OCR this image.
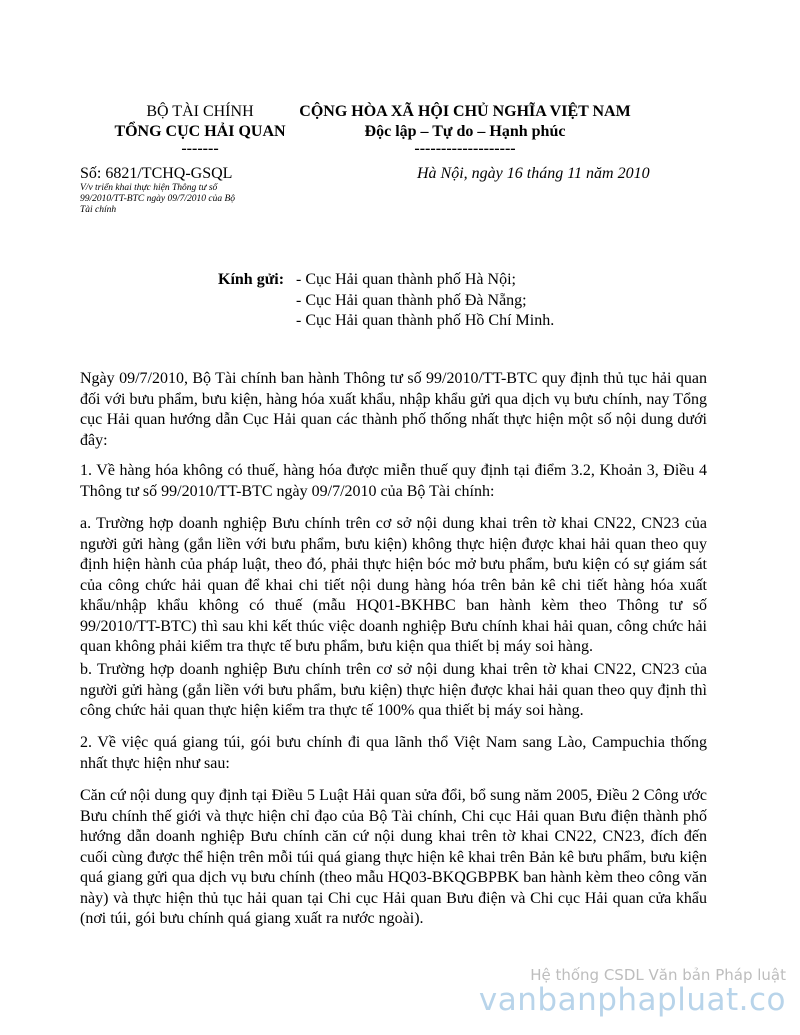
BỘ TÀI CHÍNH
TỔNG CỤC HẢI QUAN
-------
CỘNG HÒA XÃ HỘI CHỦ NGHĨA VIỆT NAM
Độc lập – Tự do – Hạnh phúc
-------------------
Số: 6821/TCHQ-GSQL
V/v triển khai thực hiện Thông tư số
99/2010/TT-BTC ngày 09/7/2010 của Bộ
Tài chính
Hà Nội, ngày 16 tháng 11 năm 2010
Kính gửi: - Cục Hải quan thành phố Hà Nội;
- Cục Hải quan thành phố Đà Nẵng;
- Cục Hải quan thành phố Hồ Chí Minh.
Ngày 09/7/2010, Bộ Tài chính ban hành Thông tư số 99/2010/TT-BTC quy định thủ tục hải quan đối với bưu phẩm, bưu kiện, hàng hóa xuất khẩu, nhập khẩu gửi qua dịch vụ bưu chính, nay Tổng cục Hải quan hướng dẫn Cục Hải quan các thành phố thống nhất thực hiện một số nội dung dưới đây:
1. Về hàng hóa không có thuế, hàng hóa được miễn thuế quy định tại điểm 3.2, Khoản 3, Điều 4 Thông tư số 99/2010/TT-BTC ngày 09/7/2010 của Bộ Tài chính:
a. Trường hợp doanh nghiệp Bưu chính trên cơ sở nội dung khai trên tờ khai CN22, CN23 của người gửi hàng (gắn liền với bưu phẩm, bưu kiện) không thực hiện được khai hải quan theo quy định hiện hành của pháp luật, theo đó, phải thực hiện bóc mở bưu phẩm, bưu kiện có sự giám sát của công chức hải quan để khai chi tiết nội dung hàng hóa trên bản kê chi tiết hàng hóa xuất khẩu/nhập khẩu không có thuế (mẫu HQ01-BKHBC ban hành kèm theo Thông tư số 99/2010/TT-BTC) thì sau khi kết thúc việc doanh nghiệp Bưu chính khai hải quan, công chức hải quan không phải kiểm tra thực tế bưu phẩm, bưu kiện qua thiết bị máy soi hàng.
b. Trường hợp doanh nghiệp Bưu chính trên cơ sở nội dung khai trên tờ khai CN22, CN23 của người gửi hàng (gắn liền với bưu phẩm, bưu kiện) thực hiện được khai hải quan theo quy định thì công chức hải quan thực hiện kiểm tra thực tế 100% qua thiết bị máy soi hàng.
2. Về việc quá giang túi, gói bưu chính đi qua lãnh thổ Việt Nam sang Lào, Campuchia thống nhất thực hiện như sau:
Căn cứ nội dung quy định tại Điều 5 Luật Hải quan sửa đổi, bổ sung năm 2005, Điều 2 Công ước Bưu chính thế giới và thực hiện chỉ đạo của Bộ Tài chính, Chi cục Hải quan Bưu điện thành phố hướng dẫn doanh nghiệp Bưu chính căn cứ nội dung khai trên tờ khai CN22, CN23, đích đến cuối cùng được thể hiện trên mỗi túi quá giang thực hiện kê khai trên Bản kê bưu phẩm, bưu kiện quá giang gửi qua dịch vụ bưu chính (theo mẫu HQ03-BKQGBPBK ban hành kèm theo công văn này) và thực hiện thủ tục hải quan tại Chi cục Hải quan Bưu điện và Chi cục Hải quan cửa khẩu (nơi túi, gói bưu chính quá giang xuất ra nước ngoài).
Hệ thống CSDL Văn bản Pháp luật
vanbanphapluat.co
